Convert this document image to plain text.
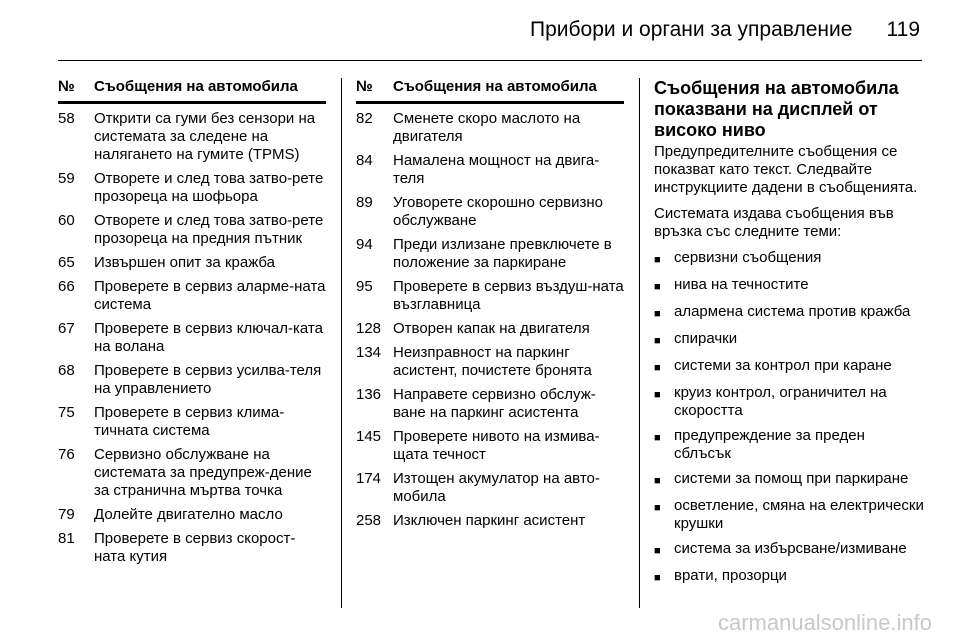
Прибори и органи за управление 119
№	Съобщения на автомобила
58	Открити са гуми без сензори на системата за следене на налягането на гумите (TPMS)
59	Отворете и след това затво-рете прозореца на шофьора
60	Отворете и след това затво-рете прозореца на предния пътник
65	Извършен опит за кражба
66	Проверете в сервиз аларме-ната система
67	Проверете в сервиз ключал-ката на волана
68	Проверете в сервиз усилва-теля на управлението
75	Проверете в сервиз клима-тичната система
76	Сервизно обслужване на системата за предупреж-дение за странична мъртва точка
79	Долейте двигателно масло
81	Проверете в сервиз скорост-ната кутия
№	Съобщения на автомобила
82	Сменете скоро маслото на двигателя
84	Намалена мощност на двига-теля
89	Уговорете скорошно сервизно обслужване
94	Преди излизане превключете в положение за паркиране
95	Проверете в сервиз въздуш-ната възглавница
128 Отворен капак на двигателя
134 Неизправност на паркинг асистент, почистете бронята
136 Направете сервизно обслуж-ване на паркинг асистента
145 Проверете нивото на измива-щата течност
174 Изтощен акумулатор на авто-мобила
258 Изключен паркинг асистент
Съобщения на автомобила показвани на дисплей от високо ниво

Предупредителните съобщения се показват като текст. Следвайте инструкциите дадени в съобщенията.

Системата издава съобщения във връзка със следните теми:

■ сервизни съобщения
■ нива на течностите
■ алармена система против кражба
■ спирачки
■ системи за контрол при каране
■ круиз контрол, ограничител на скоростта
■ предупреждение за преден сблъсък
■ системи за помощ при паркиране
■ осветление, смяна на електрически крушки
■ система за избърсване/измиване
■ врати, прозорци
carmanualsonline.info
